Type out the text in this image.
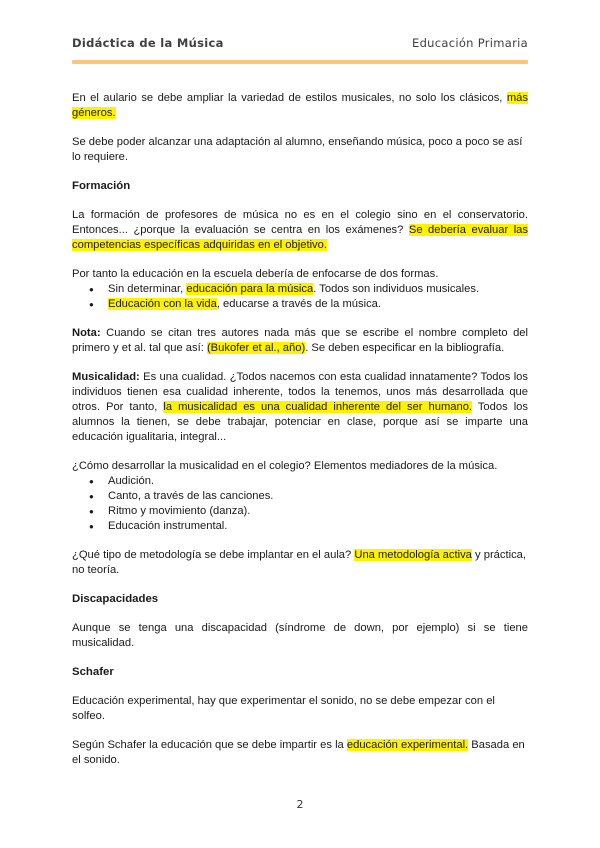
Didáctica de la Música	Educación Primaria

En el aulario se debe ampliar la variedad de estilos musicales, no solo los clásicos, más géneros.

Se debe poder alcanzar una adaptación al alumno, enseñando música, poco a poco se así lo requiere.

Formación

La formación de profesores de música no es en el colegio sino en el conservatorio. Entonces... ¿porque la evaluación se centra en los exámenes? Se debería evaluar las competencias específicas adquiridas en el objetivo.

Por tanto la educación en la escuela debería de enfocarse de dos formas.

● Sin determinar, educación para la música. Todos son individuos musicales.
● Educación con la vida, educarse a través de la música.

Nota: Cuando se citan tres autores nada más que se escribe el nombre completo del primero y et al. tal que así: (Bukofer et al., año). Se deben especificar en la bibliografía.

Musicalidad: Es una cualidad. ¿Todos nacemos con esta cualidad innatamente? Todos los individuos tienen esa cualidad inherente, todos la tenemos, unos más desarrollada que otros. Por tanto, la musicalidad es una cualidad inherente del ser humano. Todos los alumnos la tienen, se debe trabajar, potenciar en clase, porque así se imparte una educación igualitaria, integral...

¿Cómo desarrollar la musicalidad en el colegio? Elementos mediadores de la música.

● Audición.
● Canto, a través de las canciones.
● Ritmo y movimiento (danza).
● Educación instrumental.

¿Qué tipo de metodología se debe implantar en el aula? Una metodología activa y práctica, no teoría.

Discapacidades

Aunque se tenga una discapacidad (síndrome de down, por ejemplo) si se tiene musicalidad.

Schafer

Educación experimental, hay que experimentar el sonido, no se debe empezar con el solfeo.

Según Schafer la educación que se debe impartir es la educación experimental. Basada en el sonido.

2
